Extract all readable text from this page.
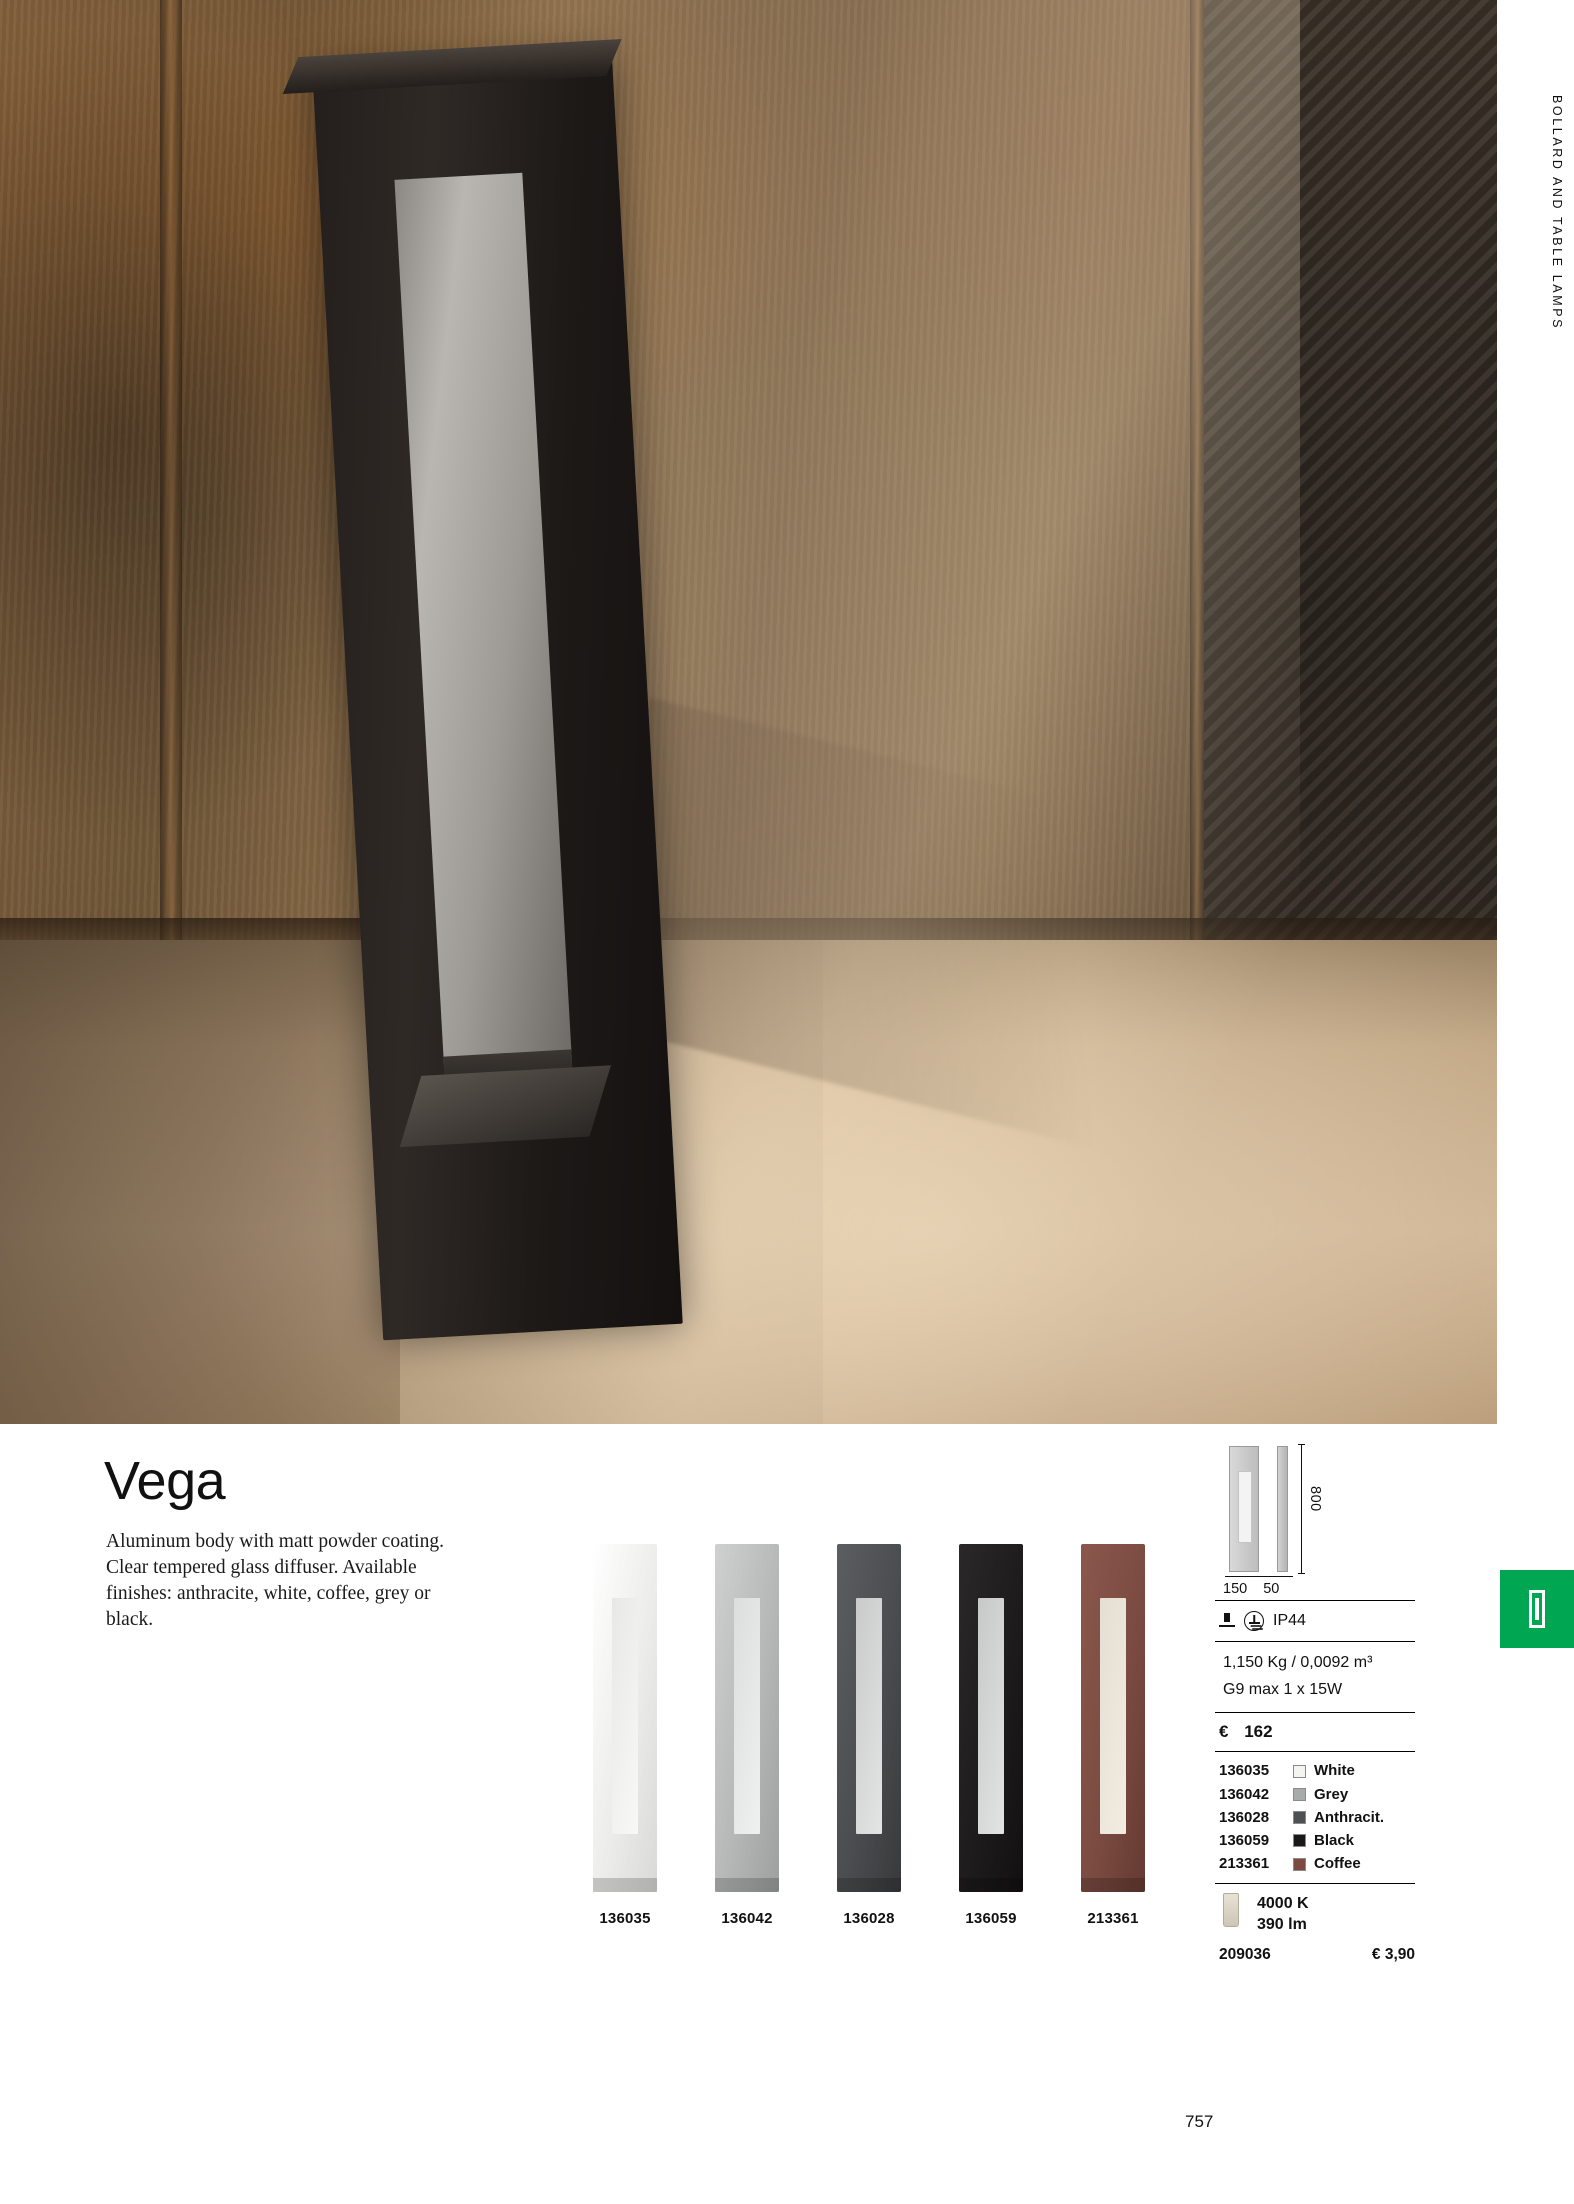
BOLLARD AND TABLE LAMPS
Vega
Aluminum body with matt powder coating. Clear tempered glass diffuser. Available finishes: anthracite, white, coffee, grey or black.
136035	136042	136028	136059	213361
800
150 50
IP44
1,150 Kg / 0,0092 m³
G9 max 1 x 15W
€ 162
136035	White
136042	Grey
136028	Anthracit.
136059	Black
213361	Coffee
4000 K
390 lm
209036	€ 3,90
757
